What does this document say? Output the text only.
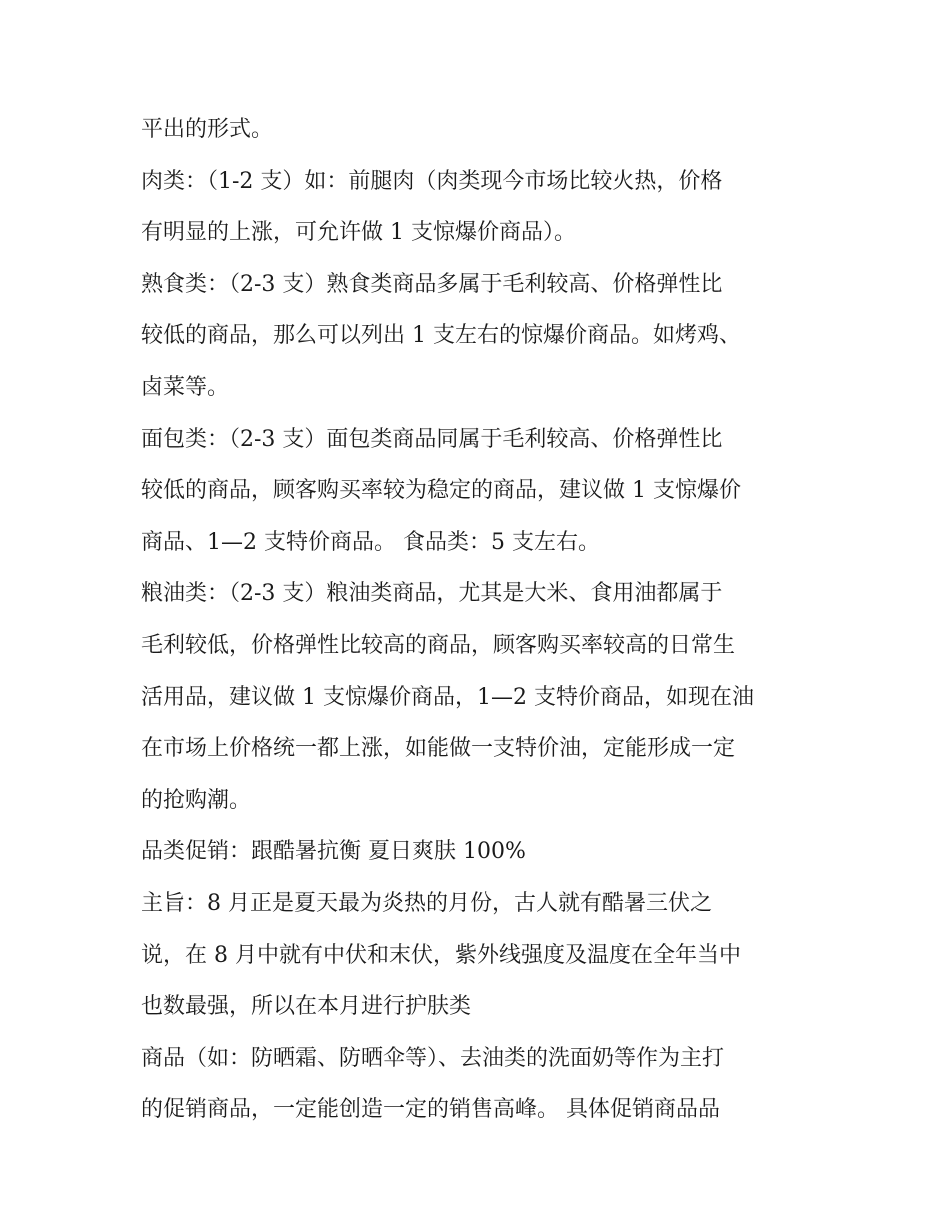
平出的形式。
肉类：（1-2 支）如：前腿肉（肉类现今市场比较火热，价格
有明显的上涨，可允许做 1 支惊爆价商品）。
熟食类：（2-3 支）熟食类商品多属于毛利较高、价格弹性比
较低的商品，那么可以列出 1 支左右的惊爆价商品。如烤鸡、
卤菜等。
面包类：（2-3 支）面包类商品同属于毛利较高、价格弹性比
较低的商品，顾客购买率较为稳定的商品，建议做 1 支惊爆价
商品、1—2 支特价商品。 食品类：5 支左右。
粮油类：（2-3 支）粮油类商品，尤其是大米、食用油都属于
毛利较低，价格弹性比较高的商品，顾客购买率较高的日常生
活用品，建议做 1 支惊爆价商品，1—2 支特价商品，如现在油
在市场上价格统一都上涨，如能做一支特价油，定能形成一定
的抢购潮。
品类促销：跟酷暑抗衡 夏日爽肤 100%
主旨：8 月正是夏天最为炎热的月份，古人就有酷暑三伏之
说，在 8 月中就有中伏和末伏，紫外线强度及温度在全年当中
也数最强，所以在本月进行护肤类
商品（如：防晒霜、防晒伞等）、去油类的洗面奶等作为主打
的促销商品，一定能创造一定的销售高峰。 具体促销商品品
